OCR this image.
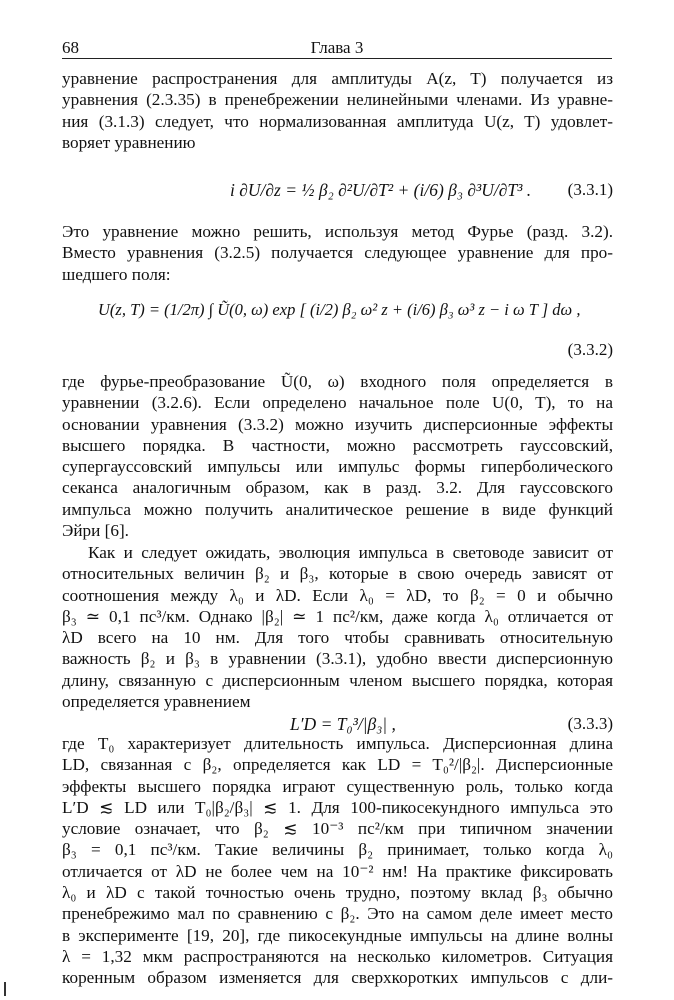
68	Глава 3
уравнение распространения для амплитуды A(z, T) получается из
уравнения (2.3.35) в пренебрежении нелинейными членами. Из уравне-
ния (3.1.3) следует, что нормализованная амплитуда U(z, T) удовлет-
воряет уравнению
i ∂U/∂z = ½ β₂ ∂²U/∂T² + (i/6) β₃ ∂³U/∂T³ . (3.3.1)
Это уравнение можно решить, используя метод Фурье (разд. 3.2).
Вместо уравнения (3.2.5) получается следующее уравнение для про-
шедшего поля:
U(z, T) = (1/2π) ∫ Ũ(0, ω) exp [ (i/2) β₂ ω² z + (i/6) β₃ ω³ z − i ω T ] dω ,
(3.3.2)
где фурье-преобразование Ũ(0, ω) входного поля определяется в
уравнении (3.2.6). Если определено начальное поле U(0, T), то на
основании уравнения (3.3.2) можно изучить дисперсионные эффекты
высшего порядка. В частности, можно рассмотреть гауссовский,
супергауссовский импульсы или импульс формы гиперболического
секанса аналогичным образом, как в разд. 3.2. Для гауссовского
импульса можно получить аналитическое решение в виде функций
Эйри [6].
Как и следует ожидать, эволюция импульса в световоде зависит от
относительных величин β₂ и β₃, которые в свою очередь зависят от
соотношения между λ₀ и λD. Если λ₀ = λD, то β₂ = 0 и обычно
β₃ ≃ 0,1 пс³/км. Однако |β₂| ≃ 1 пс²/км, даже когда λ₀ отличается от
λD всего на 10 нм. Для того чтобы сравнивать относительную
важность β₂ и β₃ в уравнении (3.3.1), удобно ввести дисперсионную
длину, связанную с дисперсионным членом высшего порядка, которая
определяется уравнением
L′D = T₀³/|β₃| ,	(3.3.3)
где T₀ характеризует длительность импульса. Дисперсионная длина
LD, связанная с β₂, определяется как LD = T₀²/|β₂|. Дисперсионные
эффекты высшего порядка играют существенную роль, только когда
L′D ≲ LD или T₀|β₂/β₃| ≲ 1. Для 100-пикосекундного импульса это
условие означает, что β₂ ≲ 10⁻³ пс²/км при типичном значении
β₃ = 0,1 пс³/км. Такие величины β₂ принимает, только когда λ₀
отличается от λD не более чем на 10⁻² нм! На практике фиксировать
λ₀ и λD с такой точностью очень трудно, поэтому вклад β₃ обычно
пренебрежимо мал по сравнению с β₂. Это на самом деле имеет место
в эксперименте [19, 20], где пикосекундные импульсы на длине волны
λ = 1,32 мкм распространяются на несколько километров. Ситуация
коренным образом изменяется для сверхкоротких импульсов с дли-
